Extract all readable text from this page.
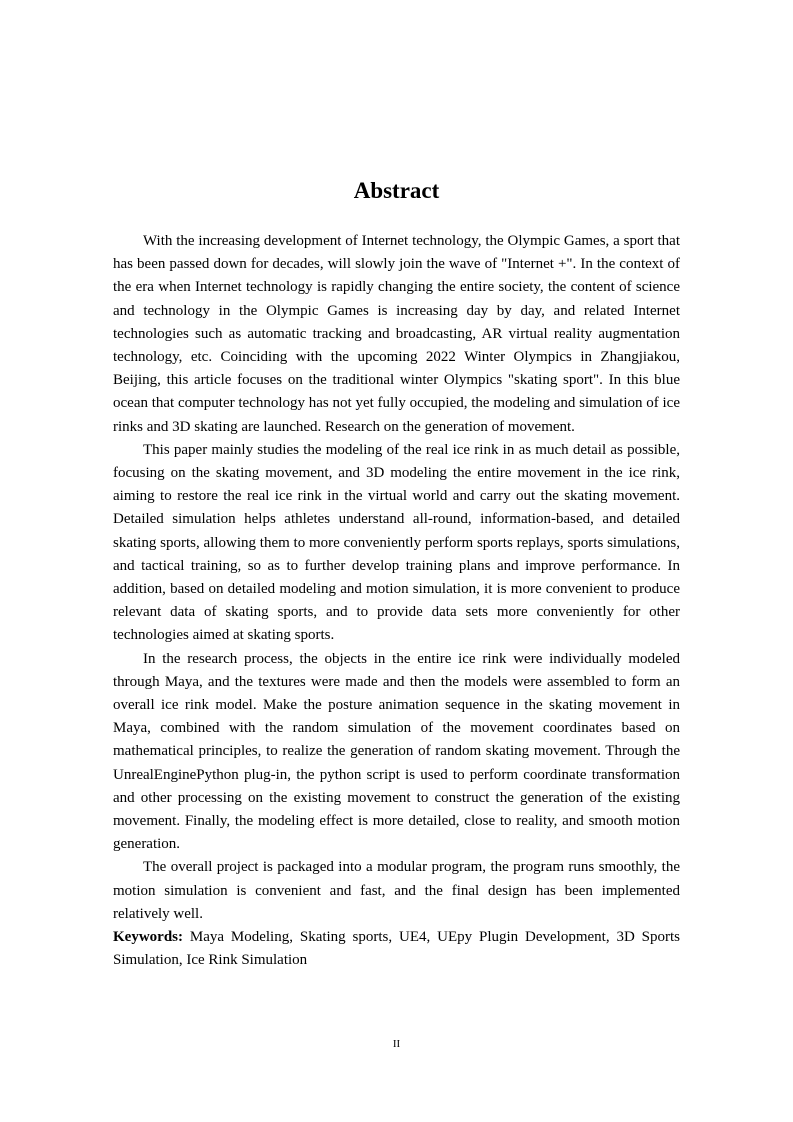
Abstract

With the increasing development of Internet technology, the Olympic Games, a sport that has been passed down for decades, will slowly join the wave of "Internet +". In the context of the era when Internet technology is rapidly changing the entire society, the content of science and technology in the Olympic Games is increasing day by day, and related Internet technologies such as automatic tracking and broadcasting, AR virtual reality augmentation technology, etc. Coinciding with the upcoming 2022 Winter Olympics in Zhangjiakou, Beijing, this article focuses on the traditional winter Olympics "skating sport". In this blue ocean that computer technology has not yet fully occupied, the modeling and simulation of ice rinks and 3D skating are launched. Research on the generation of movement.

This paper mainly studies the modeling of the real ice rink in as much detail as possible, focusing on the skating movement, and 3D modeling the entire movement in the ice rink, aiming to restore the real ice rink in the virtual world and carry out the skating movement. Detailed simulation helps athletes understand all-round, information-based, and detailed skating sports, allowing them to more conveniently perform sports replays, sports simulations, and tactical training, so as to further develop training plans and improve performance. In addition, based on detailed modeling and motion simulation, it is more convenient to produce relevant data of skating sports, and to provide data sets more conveniently for other technologies aimed at skating sports.

In the research process, the objects in the entire ice rink were individually modeled through Maya, and the textures were made and then the models were assembled to form an overall ice rink model. Make the posture animation sequence in the skating movement in Maya, combined with the random simulation of the movement coordinates based on mathematical principles, to realize the generation of random skating movement. Through the UnrealEnginePython plug-in, the python script is used to perform coordinate transformation and other processing on the existing movement to construct the generation of the existing movement. Finally, the modeling effect is more detailed, close to reality, and smooth motion generation.

The overall project is packaged into a modular program, the program runs smoothly, the motion simulation is convenient and fast, and the final design has been implemented relatively well.

Keywords: Maya Modeling, Skating sports, UE4, UEpy Plugin Development, 3D Sports Simulation, Ice Rink Simulation

II
